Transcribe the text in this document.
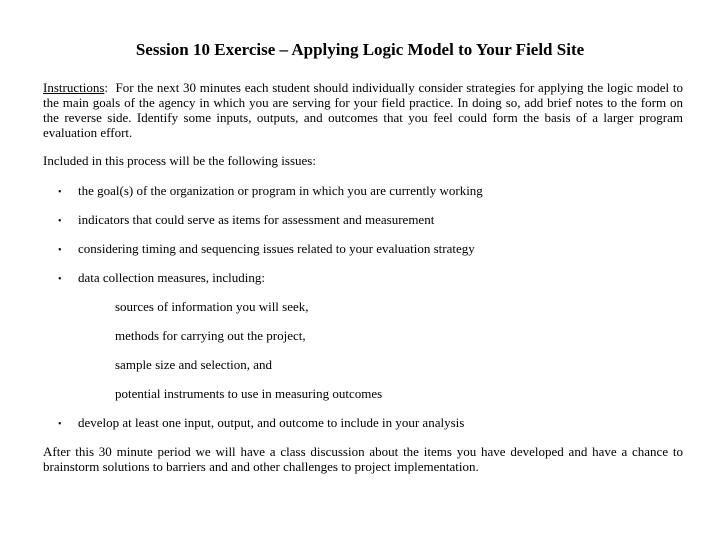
Session 10 Exercise – Applying Logic Model to Your Field Site
Instructions: For the next 30 minutes each student should individually consider strategies for applying the logic model to the main goals of the agency in which you are serving for your field practice. In doing so, add brief notes to the form on the reverse side. Identify some inputs, outputs, and outcomes that you feel could form the basis of a larger program evaluation effort.
Included in this process will be the following issues:
• the goal(s) of the organization or program in which you are currently working
• indicators that could serve as items for assessment and measurement
• considering timing and sequencing issues related to your evaluation strategy
• data collection measures, including:
sources of information you will seek,
methods for carrying out the project,
sample size and selection, and
potential instruments to use in measuring outcomes
• develop at least one input, output, and outcome to include in your analysis
After this 30 minute period we will have a class discussion about the items you have developed and have a chance to brainstorm solutions to barriers and and other challenges to project implementation.
